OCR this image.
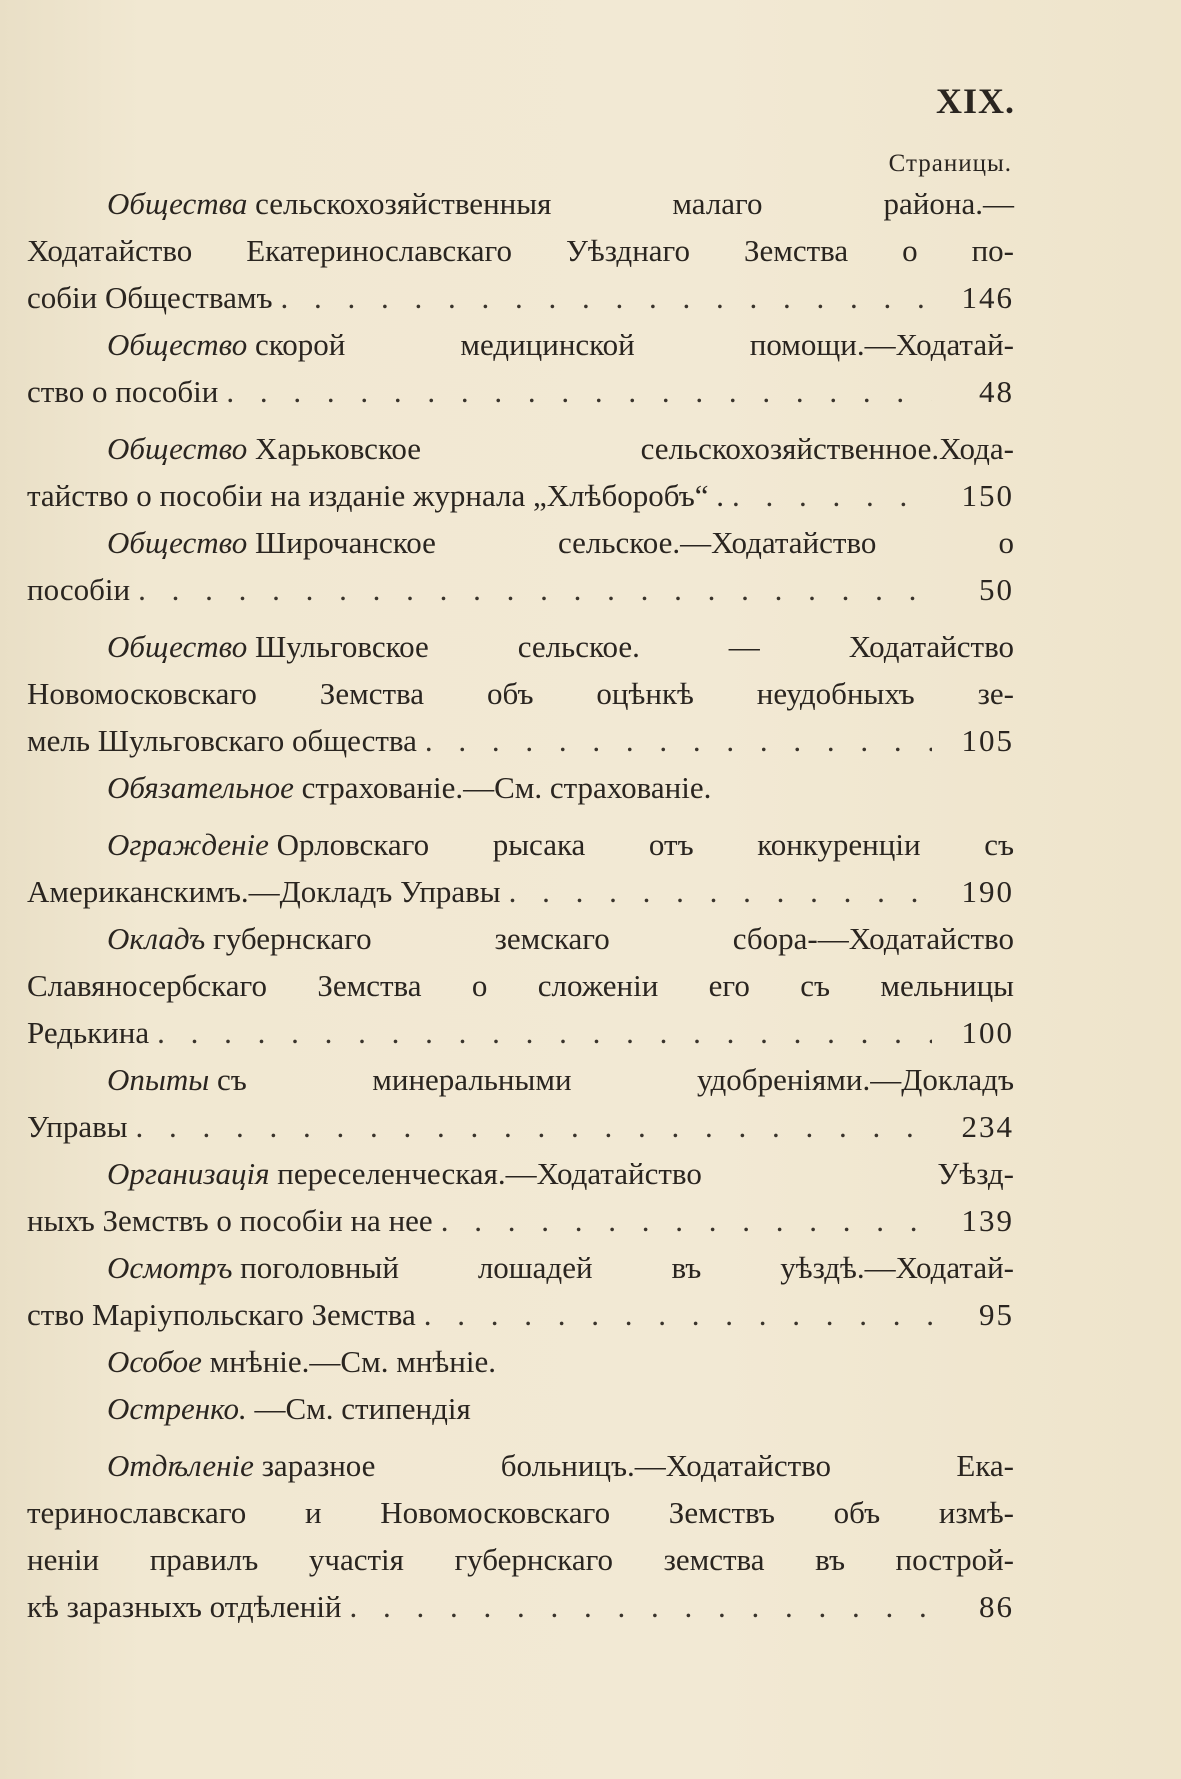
XIX.
Страницы.
Общества
сельскохозяйственныя малаго района.—
Ходатайство Екатеринославскаго Уѣзднаго Земства о по-
собіи Обществамъ . . .	146
Общество
скорой медицинской помощи.—Ходатай-
ство о пособіи . . .	48
Общество
Харьковское сельскохозяйственное.Хода-
тайство о пособіи на изданіе журнала „Хлѣборобъ“ . . . .	150
Общество
Широчанское сельское.—Ходатайство о
пособіи . . .	50
Общество
Шульговское сельское. — Ходатайство
Новомосковскаго Земства объ оцѣнкѣ неудобныхъ зе-
мель Шульговскаго общества . . .	105
Обязательное
страхованіе.—См. страхованіе.
Огражденіе
Орловскаго рысака отъ конкуренціи съ
Американскимъ.—Докладъ Управы . . .	190
Окладъ
губернскаго земскаго сбора-—Ходатайство
Славяносербскаго Земства о сложеніи его съ мельницы
Редькина . . .	100
Опыты
съ минеральными удобреніями.—Докладъ
Управы . . .	234
Организація
переселенческая.—Ходатайство Уѣзд-
ныхъ Земствъ о пособіи на нее . . .	139
Осмотръ
поголовный лошадей въ уѣздѣ.—Ходатай-
ство Маріупольскаго Земства . . .	95
Особое
мнѣніе.—См. мнѣніе.
Остренко.
—См. стипендія
Отдѣленіе
заразное больницъ.—Ходатайство Ека-
теринославскаго и Новомосковскаго Земствъ объ измѣ-
неніи правилъ участія губернскаго земства въ построй-
кѣ заразныхъ отдѣленій . . .	86
